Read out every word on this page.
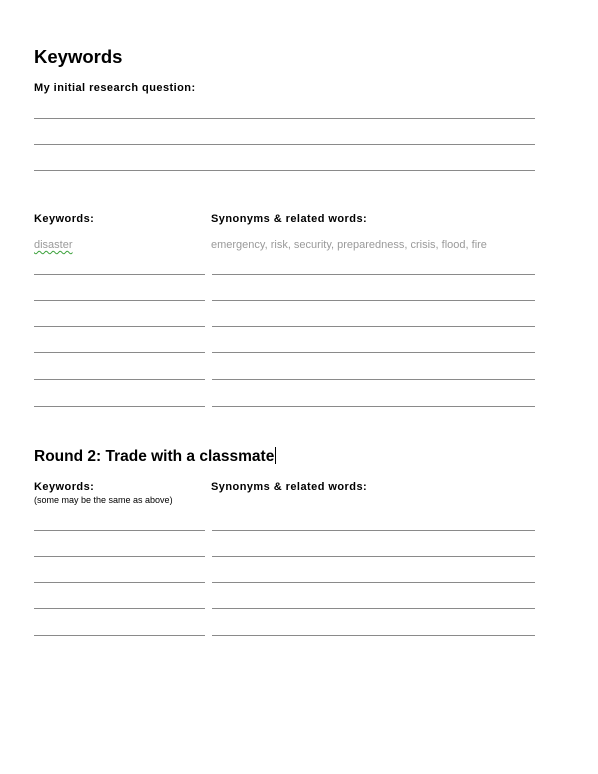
Keywords
My initial research question:
Keywords:	Synonyms & related words:
disaster	emergency, risk, security, preparedness, crisis, flood, fire
Round 2: Trade with a classmate
Keywords:
(some may be the same as above)
Synonyms & related words:
